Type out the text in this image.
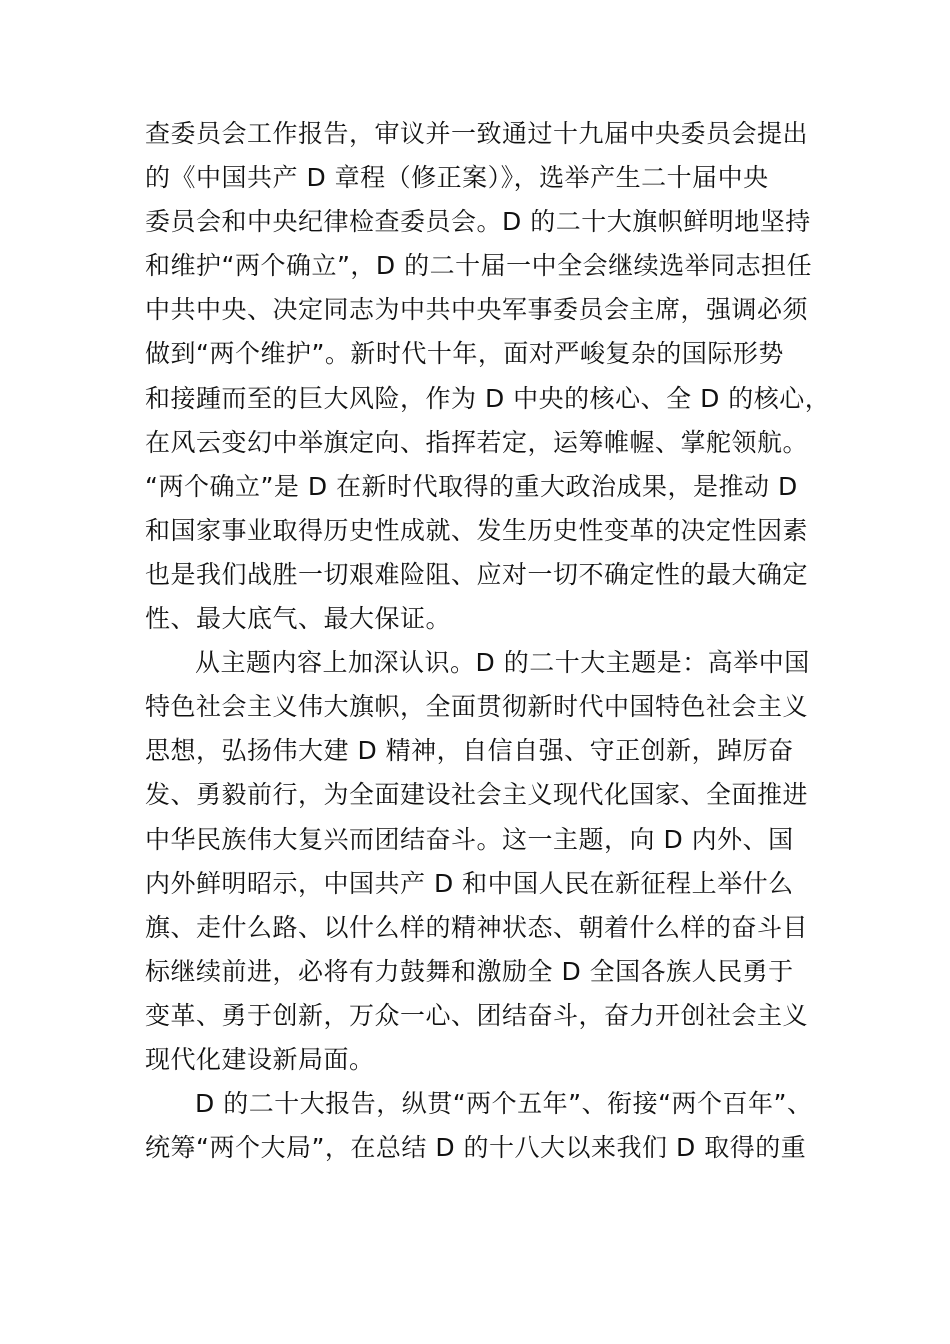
查委员会工作报告，审议并一致通过十九届中央委员会提出
的《中国共产 D 章程（修正案）》，选举产生二十届中央
委员会和中央纪律检查委员会。D 的二十大旗帜鲜明地坚持
和维护“两个确立”，D 的二十届一中全会继续选举同志担任
中共中央、决定同志为中共中央军事委员会主席，强调必须
做到“两个维护”。新时代十年，面对严峻复杂的国际形势
和接踵而至的巨大风险，作为 D 中央的核心、全 D 的核心，
在风云变幻中举旗定向、指挥若定，运筹帷幄、掌舵领航。
“两个确立”是 D 在新时代取得的重大政治成果，是推动 D
和国家事业取得历史性成就、发生历史性变革的决定性因素
也是我们战胜一切艰难险阻、应对一切不确定性的最大确定
性、最大底气、最大保证。
从主题内容上加深认识。D 的二十大主题是：高举中国
特色社会主义伟大旗帜，全面贯彻新时代中国特色社会主义
思想，弘扬伟大建 D 精神，自信自强、守正创新，踔厉奋
发、勇毅前行，为全面建设社会主义现代化国家、全面推进
中华民族伟大复兴而团结奋斗。这一主题，向 D 内外、国
内外鲜明昭示，中国共产 D 和中国人民在新征程上举什么
旗、走什么路、以什么样的精神状态、朝着什么样的奋斗目
标继续前进，必将有力鼓舞和激励全 D 全国各族人民勇于
变革、勇于创新，万众一心、团结奋斗，奋力开创社会主义
现代化建设新局面。
D 的二十大报告，纵贯“两个五年”、衔接“两个百年”、
统筹“两个大局”，在总结 D 的十八大以来我们 D 取得的重
